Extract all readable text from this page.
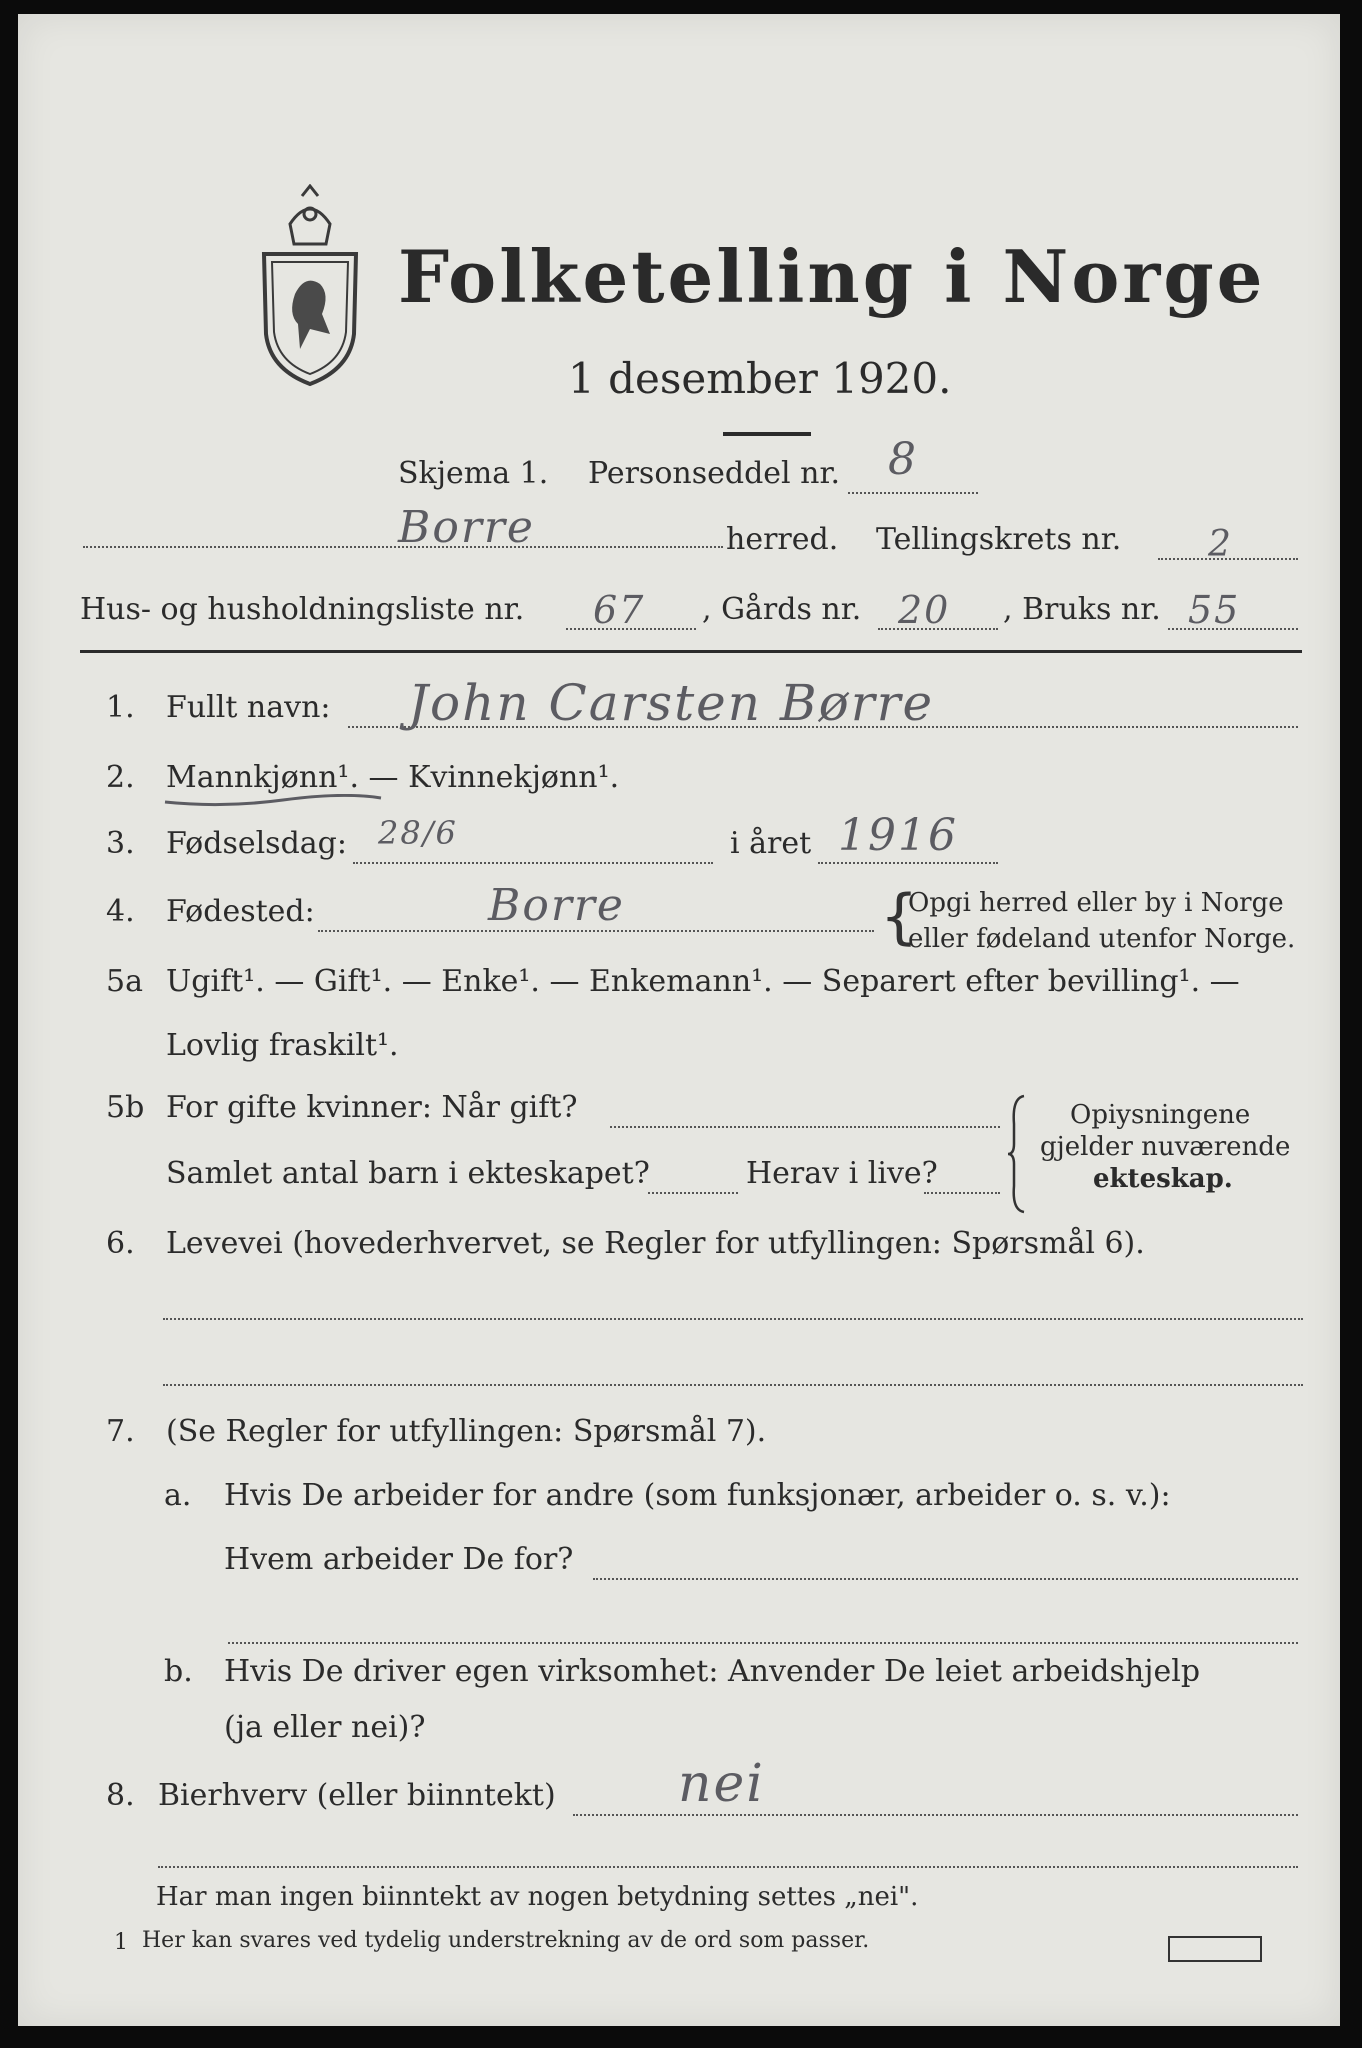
Folketelling i Norge
1 desember 1920.
Skjema 1. Personseddel nr. 8
Borre	herred. Tellingskrets nr. 2
Hus- og husholdningsliste nr. 67 , Gårds nr. 20 , Bruks nr. 55
1. Fullt navn: John Carsten Børre
2. Mannkjønn¹. — Kvinnekjønn¹.
3. Fødselsdag: 28/6	i året 1916
4. Fødested:	Borre	{
Opgi herred eller by i Norge
eller fødeland utenfor Norge.
5a Ugift¹. — Gift¹. — Enke¹. — Enkemann¹. — Separert efter bevilling¹. —
Lovlig fraskilt¹.
5b For gifte kvinner: Når gift?
Samlet antal barn i ekteskapet?	Herav i live?
Opiysningene
gjelder nuværende
ekteskap.
6. Levevei (hovederhvervet, se Regler for utfyllingen: Spørsmål 6).
7. (Se Regler for utfyllingen: Spørsmål 7).
a. Hvis De arbeider for andre (som funksjonær, arbeider o. s. v.):
Hvem arbeider De for?
b. Hvis De driver egen virksomhet: Anvender De leiet arbeidshjelp
(ja eller nei)?
8. Bierhverv (eller biinntekt) nei
Har man ingen biinntekt av nogen betydning settes „nei".
1 Her kan svares ved tydelig understrekning av de ord som passer.
